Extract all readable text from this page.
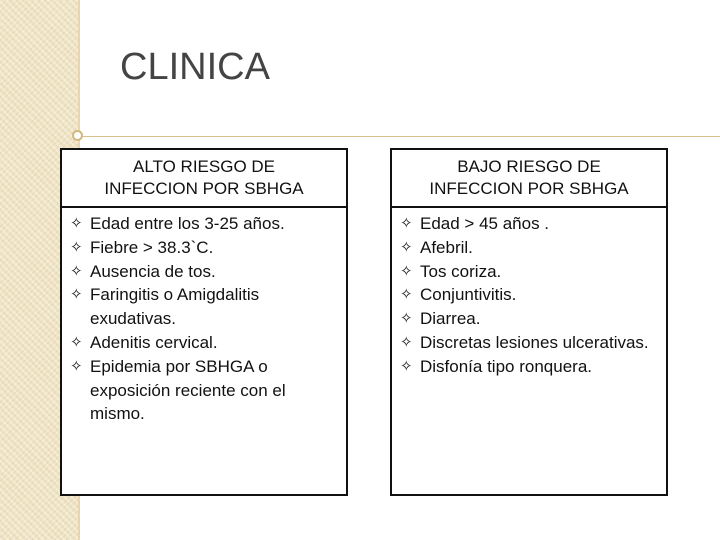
CLINICA
ALTO RIESGO DE
INFECCION POR SBHGA
✧ Edad entre los 3-25 años.
✧ Fiebre > 38.3`C.
✧ Ausencia de tos.
✧ Faringitis o Amigdalitis exudativas.
✧ Adenitis cervical.
✧ Epidemia por SBHGA o exposición reciente con el mismo.
BAJO RIESGO DE
INFECCION POR SBHGA
✧ Edad > 45 años .
✧ Afebril.
✧ Tos coriza.
✧ Conjuntivitis.
✧ Diarrea.
✧ Discretas lesiones ulcerativas.
✧ Disfonía tipo ronquera.
